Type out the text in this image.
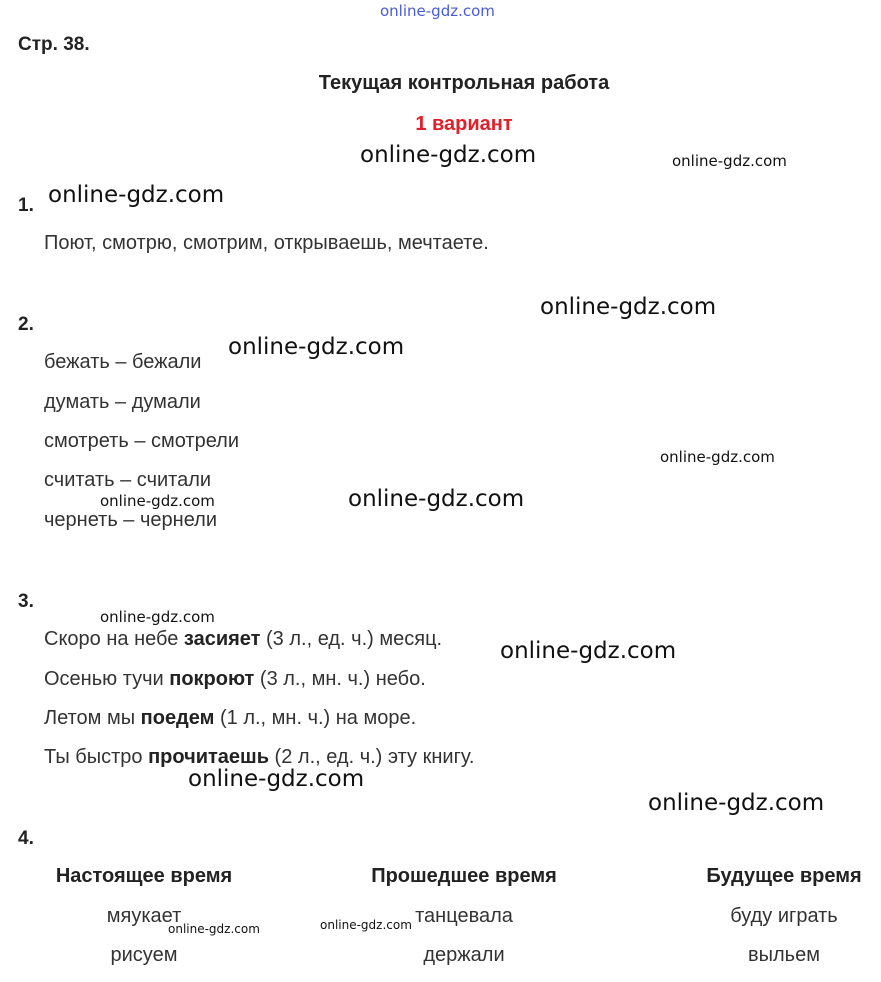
online-gdz.com
Стр. 38.
Текущая контрольная работа
1 вариант
1.
Поют, смотрю, смотрим, открываешь, мечтаете.
2.
бежать – бежали
думать – думали
смотреть – смотрели
считать – считали
чернеть – чернели
3.
Скоро на небе засияет (3 л., ед. ч.) месяц.
Осенью тучи покроют (3 л., мн. ч.) небо.
Летом мы поедем (1 л., мн. ч.) на море.
Ты быстро прочитаешь (2 л., ед. ч.) эту книгу.
4.
Настоящее время	Прошедшее время	Будущее время
мяукает	танцевала	буду играть
рисуем	держали	выльем
online-gdz.com	online-gdz.com
online-gdz.com
online-gdz.com
online-gdz.com
online-gdz.com
online-gdz.com
online-gdz.com
online-gdz.com
online-gdz.com
online-gdz.com
online-gdz.com
online-gdz.com
online-gdz.com
